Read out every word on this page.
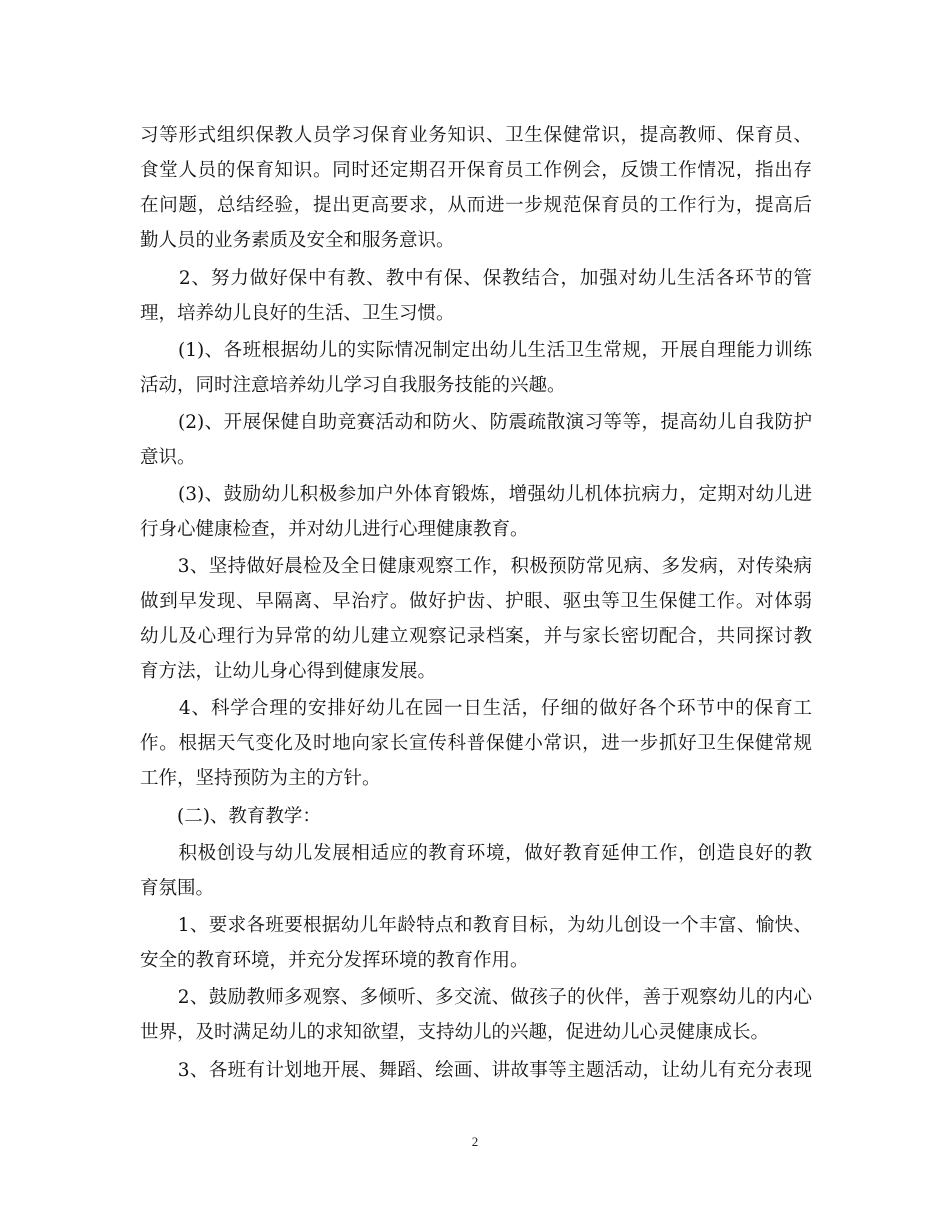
习等形式组织保教人员学习保育业务知识、卫生保健常识，提高教师、保育员、
食堂人员的保育知识。同时还定期召开保育员工作例会，反馈工作情况，指出存
在问题，总结经验，提出更高要求，从而进一步规范保育员的工作行为，提高后
勤人员的业务素质及安全和服务意识。
　　2、努力做好保中有教、教中有保、保教结合，加强对幼儿生活各环节的管
理，培养幼儿良好的生活、卫生习惯。
　　(1)、各班根据幼儿的实际情况制定出幼儿生活卫生常规，开展自理能力训练
活动，同时注意培养幼儿学习自我服务技能的兴趣。
　　(2)、开展保健自助竞赛活动和防火、防震疏散演习等等，提高幼儿自我防护
意识。
　　(3)、鼓励幼儿积极参加户外体育锻炼，增强幼儿机体抗病力，定期对幼儿进
行身心健康检查，并对幼儿进行心理健康教育。
　　3、坚持做好晨检及全日健康观察工作，积极预防常见病、多发病，对传染病
做到早发现、早隔离、早治疗。做好护齿、护眼、驱虫等卫生保健工作。对体弱
幼儿及心理行为异常的幼儿建立观察记录档案，并与家长密切配合，共同探讨教
育方法，让幼儿身心得到健康发展。
　　4、科学合理的安排好幼儿在园一日生活，仔细的做好各个环节中的保育工
作。根据天气变化及时地向家长宣传科普保健小常识，进一步抓好卫生保健常规
工作，坚持预防为主的方针。
　　(二)、教育教学：
　　积极创设与幼儿发展相适应的教育环境，做好教育延伸工作，创造良好的教
育氛围。
　　1、要求各班要根据幼儿年龄特点和教育目标，为幼儿创设一个丰富、愉快、
安全的教育环境，并充分发挥环境的教育作用。
　　2、鼓励教师多观察、多倾听、多交流、做孩子的伙伴，善于观察幼儿的内心
世界，及时满足幼儿的求知欲望，支持幼儿的兴趣，促进幼儿心灵健康成长。
　　3、各班有计划地开展、舞蹈、绘画、讲故事等主题活动，让幼儿有充分表现
2
